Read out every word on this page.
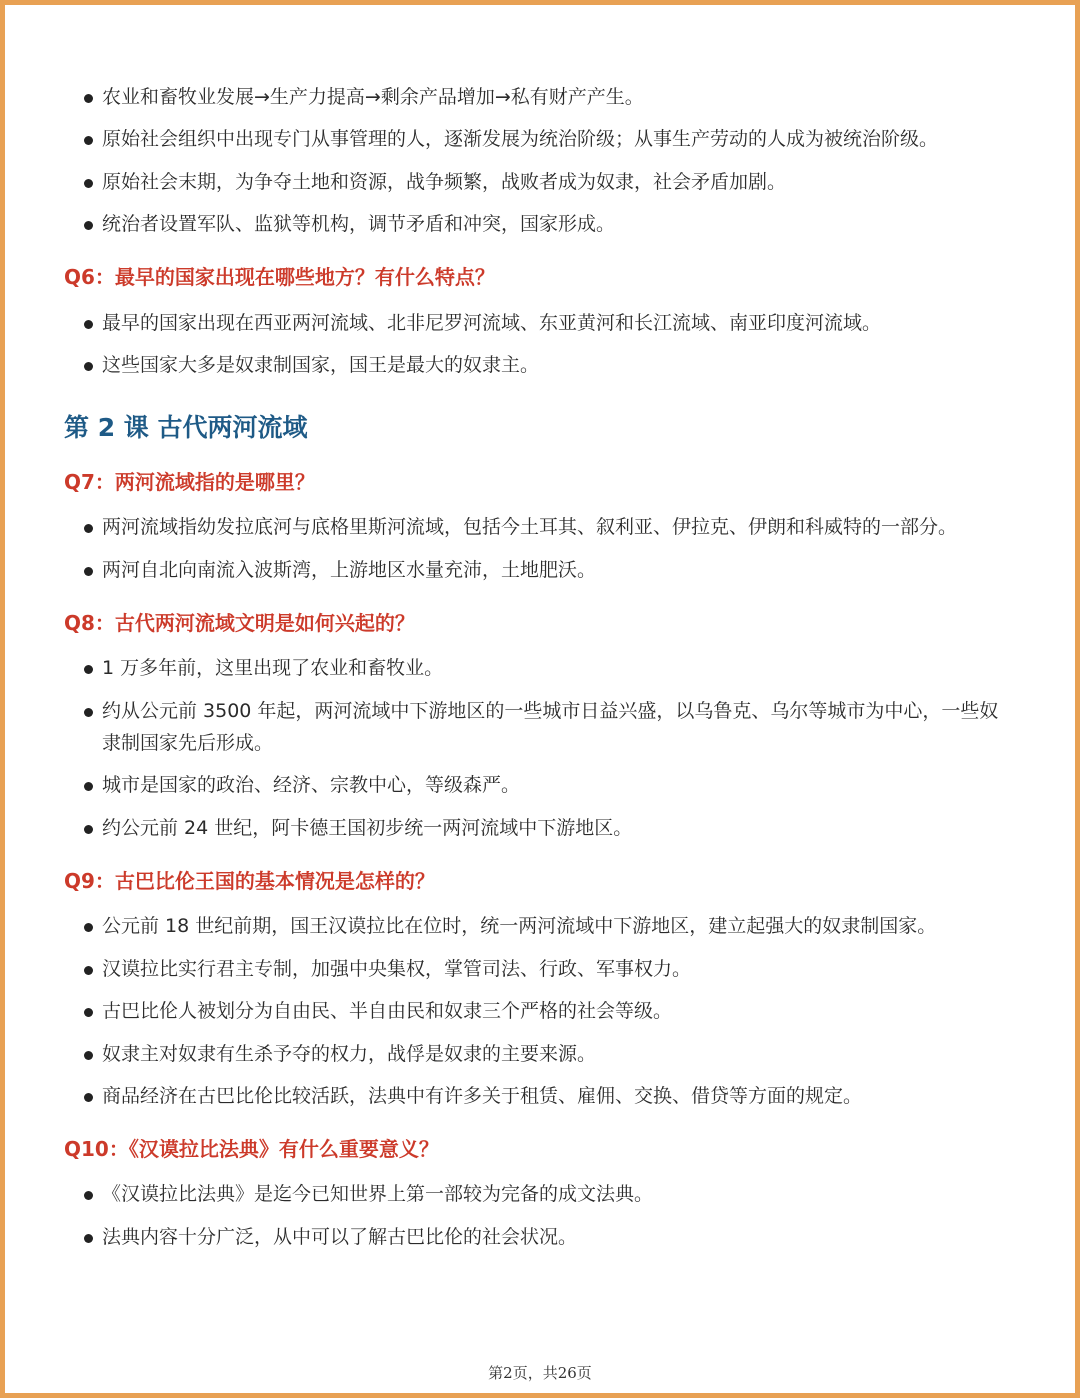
农业和畜牧业发展→生产力提高→剩余产品增加→私有财产产生。
原始社会组织中出现专门从事管理的人，逐渐发展为统治阶级；从事生产劳动的人成为被统治阶级。
原始社会末期，为争夺土地和资源，战争频繁，战败者成为奴隶，社会矛盾加剧。
统治者设置军队、监狱等机构，调节矛盾和冲突，国家形成。
Q6：最早的国家出现在哪些地方？有什么特点？
最早的国家出现在西亚两河流域、北非尼罗河流域、东亚黄河和长江流域、南亚印度河流域。
这些国家大多是奴隶制国家，国王是最大的奴隶主。
第 2 课 古代两河流域
Q7：两河流域指的是哪里？
两河流域指幼发拉底河与底格里斯河流域，包括今土耳其、叙利亚、伊拉克、伊朗和科威特的一部分。
两河自北向南流入波斯湾，上游地区水量充沛，土地肥沃。
Q8：古代两河流域文明是如何兴起的？
1 万多年前，这里出现了农业和畜牧业。
约从公元前 3500 年起，两河流域中下游地区的一些城市日益兴盛，以乌鲁克、乌尔等城市为中心，一些奴
隶制国家先后形成。
城市是国家的政治、经济、宗教中心，等级森严。
约公元前 24 世纪，阿卡德王国初步统一两河流域中下游地区。
Q9：古巴比伦王国的基本情况是怎样的？
公元前 18 世纪前期，国王汉谟拉比在位时，统一两河流域中下游地区，建立起强大的奴隶制国家。
汉谟拉比实行君主专制，加强中央集权，掌管司法、行政、军事权力。
古巴比伦人被划分为自由民、半自由民和奴隶三个严格的社会等级。
奴隶主对奴隶有生杀予夺的权力，战俘是奴隶的主要来源。
商品经济在古巴比伦比较活跃，法典中有许多关于租赁、雇佣、交换、借贷等方面的规定。
Q10：《汉谟拉比法典》有什么重要意义？
《汉谟拉比法典》是迄今已知世界上第一部较为完备的成文法典。
法典内容十分广泛，从中可以了解古巴比伦的社会状况。
第2页，共26页
